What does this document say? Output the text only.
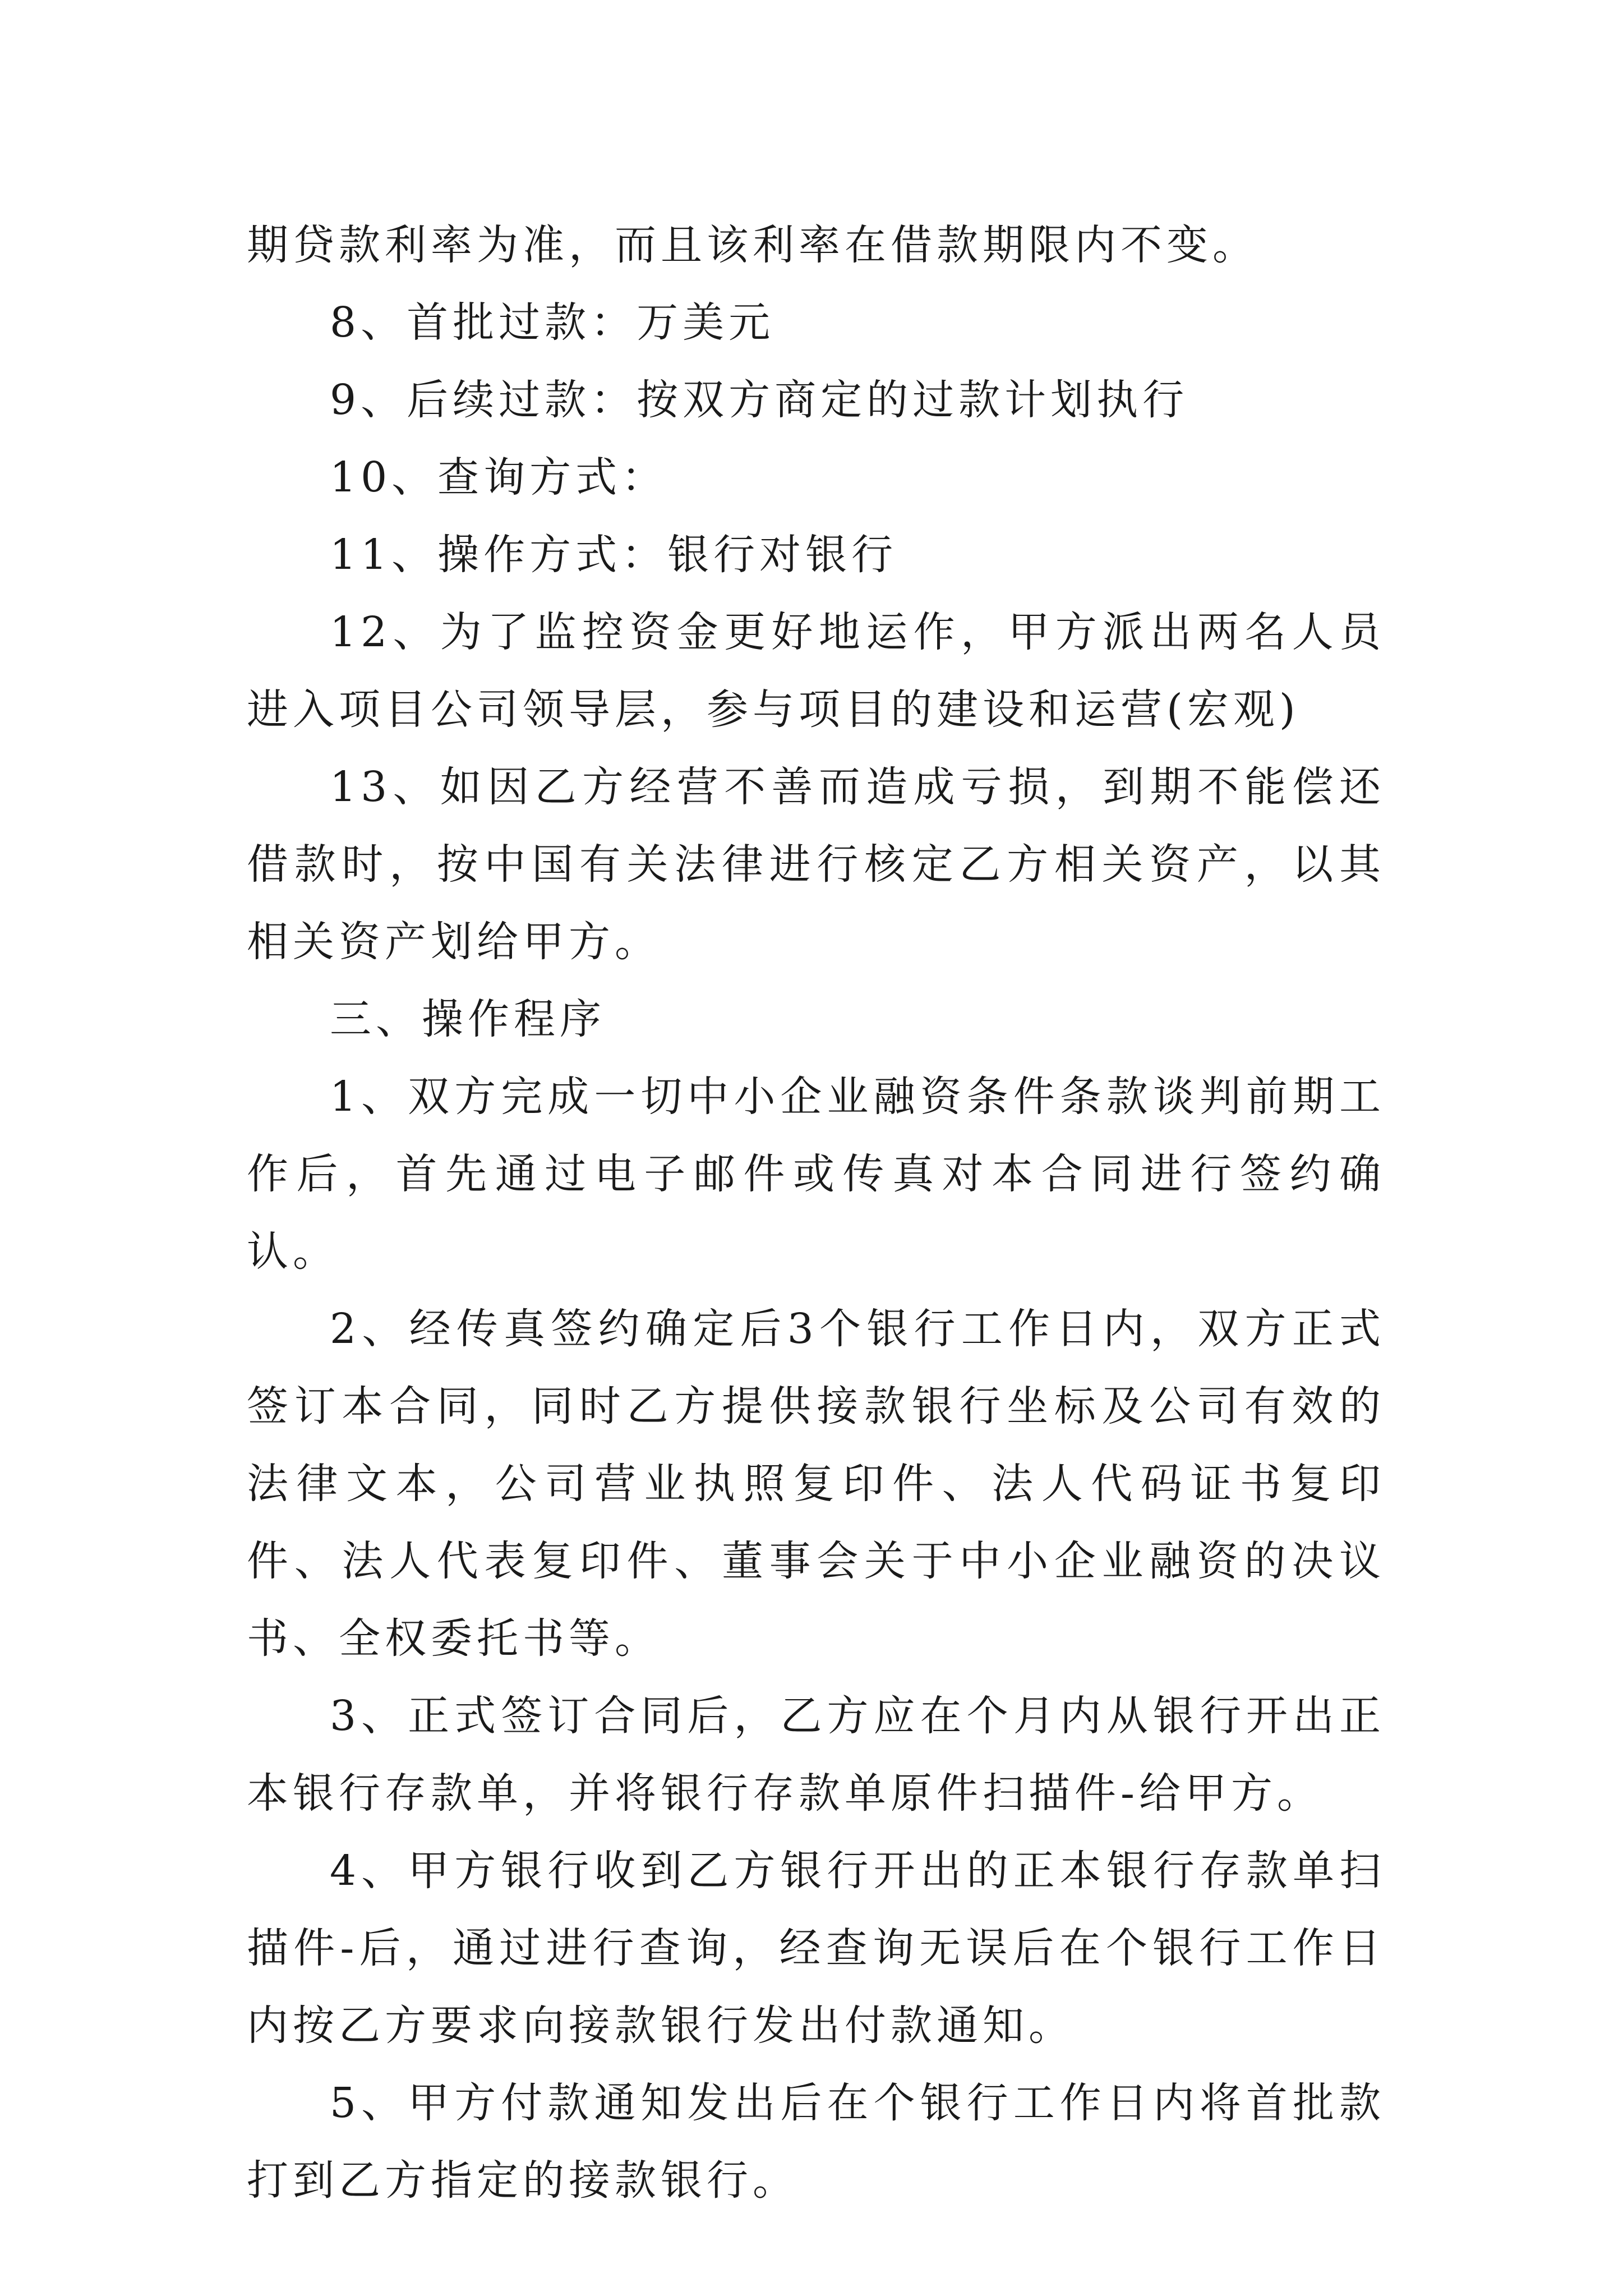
期贷款利率为准，而且该利率在借款期限内不变。

8、首批过款：万美元

9、后续过款：按双方商定的过款计划执行

10、查询方式：

11、操作方式：银行对银行

12、为了监控资金更好地运作，甲方派出两名人员进入项目公司领导层，参与项目的建设和运营(宏观)

13、如因乙方经营不善而造成亏损，到期不能偿还借款时，按中国有关法律进行核定乙方相关资产，以其相关资产划给甲方。

三、操作程序

1、双方完成一切中小企业融资条件条款谈判前期工作后，首先通过电子邮件或传真对本合同进行签约确认。

2、经传真签约确定后3个银行工作日内，双方正式签订本合同，同时乙方提供接款银行坐标及公司有效的法律文本，公司营业执照复印件、法人代码证书复印件、法人代表复印件、董事会关于中小企业融资的决议书、全权委托书等。

3、正式签订合同后，乙方应在个月内从银行开出正本银行存款单，并将银行存款单原件扫描件-给甲方。

4、甲方银行收到乙方银行开出的正本银行存款单扫描件-后，通过进行查询，经查询无误后在个银行工作日内按乙方要求向接款银行发出付款通知。

5、甲方付款通知发出后在个银行工作日内将首批款打到乙方指定的接款银行。
